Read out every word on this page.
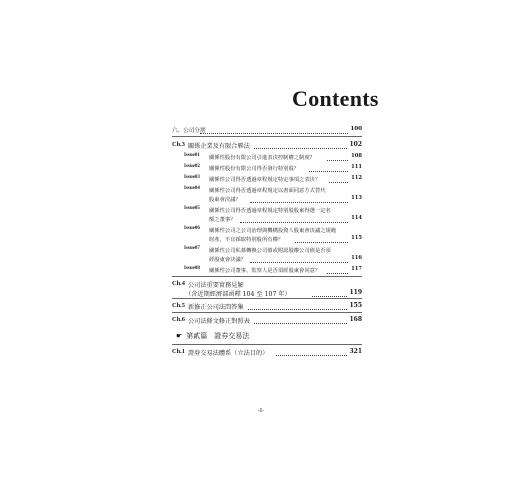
Contents
六、公司分割	100
Ch.3 關係企業及有限合夥法	102
Issue01 關係性股份有限公司引進表決控制權之制度？	108
Issue02 關係性股份有限公司得否發行特別股？	111
Issue03 關係性公司得否透過章程規定特定事項之表決？	112
Issue04 關係性公司得否透過章程規定以書面同意方式替代
股東會決議？	113
Issue05 關係性公司得否透過章程規定特別股股東得選一定名
額之董事？	114
Issue06 關係性公司之公司治理與機構投資人股東會決議之規範
財產，不宜採取特別股所有權？	115
Issue07 關係性公司私募轉換公司債或附認股權公司債是否須
經股東會決議？	116
Issue08 關係性公司董事、監察人是否須經股東會同意？	117
Ch.4 公司法重要實務見解
（含近期經濟部函釋 104 至 107 年）	119
Ch.5 新修正公司法問答集	155
Ch.6 公司法條文修正對照表	168
☛ 第貳篇　證券交易法
Ch.1 證券交易法體系（立法目的）	321
-I-
